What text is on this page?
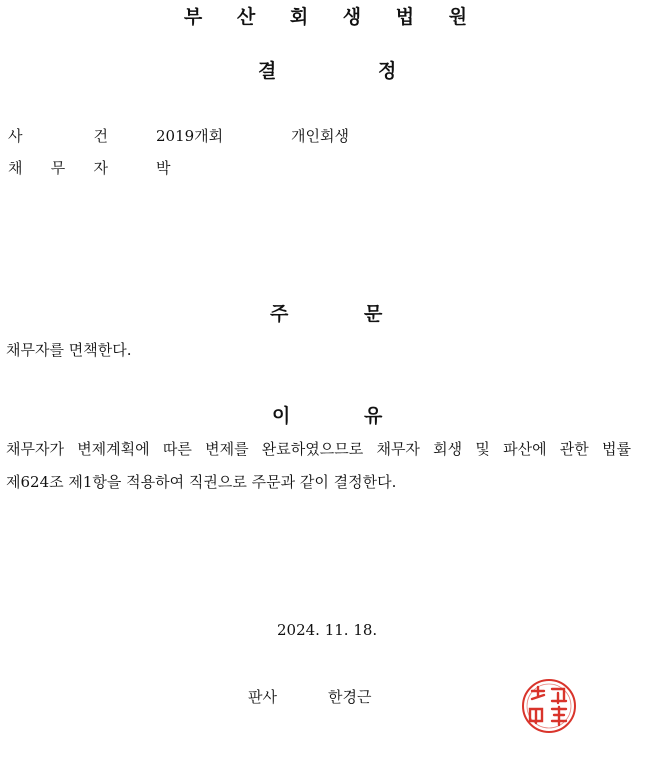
부 산 회 생 법 원
결	정
사	건	2019개회	개인회생
채 무 자	박
주	문
채무자를 면책한다.
이	유
채무자가 변제계획에 따른 변제를 완료하였으므로 채무자 회생 및 파산에 관한 법률
제624조 제1항을 적용하여 직권으로 주문과 같이 결정한다.
2024. 11. 18.
판사	한경근
